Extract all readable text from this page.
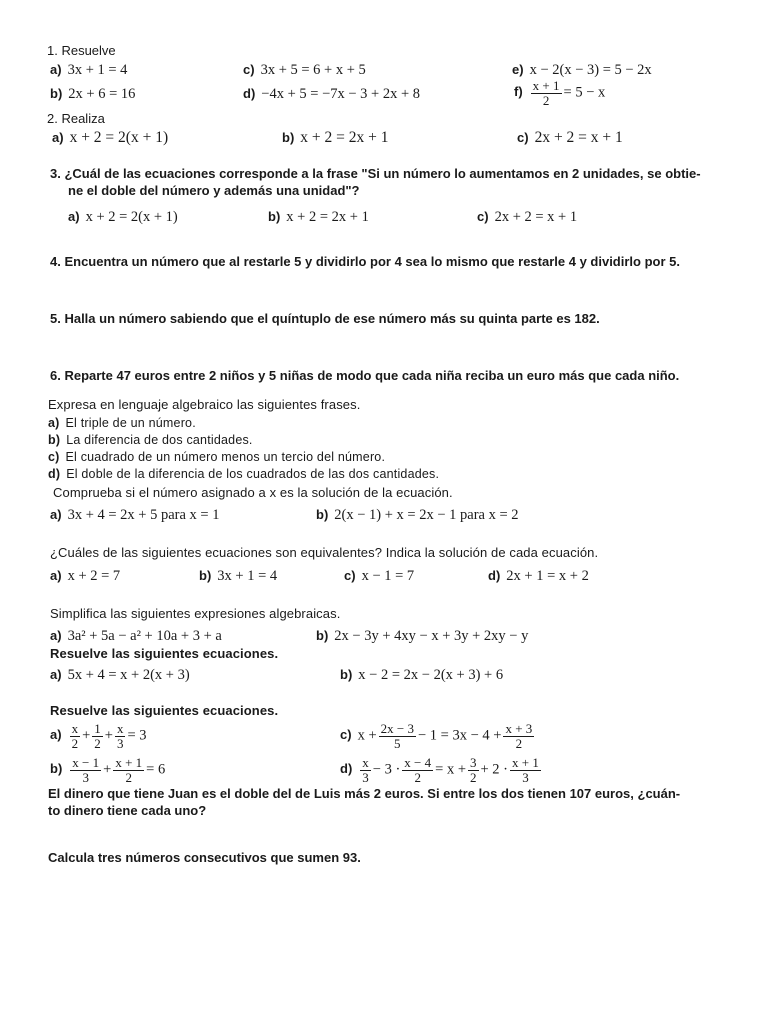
1. Resuelve
a) 3x + 1 = 4
b) 2x + 6 = 16
c) 3x + 5 = 6 + x + 5
d) −4x + 5 = −7x − 3 + 2x + 8
e) x − 2(x − 3) = 5 − 2x
$f) \frac{x + 1}{2} = 5 - x$
2. Realiza
a) x + 2 = 2(x + 1)	b) x + 2 = 2x + 1	c) 2x + 2 = x + 1
3. ¿Cuál de las ecuaciones corresponde a la frase "Si un número lo aumentamos en 2 unidades, se obtie-
ne el doble del número y además una unidad"?
a) x + 2 = 2(x + 1)	b) x + 2 = 2x + 1	c) 2x + 2 = x + 1
4. Encuentra un número que al restarle 5 y dividirlo por 4 sea lo mismo que restarle 4 y dividirlo por 5.
5. Halla un número sabiendo que el quíntuplo de ese número más su quinta parte es 182.
6. Reparte 47 euros entre 2 niños y 5 niñas de modo que cada niña reciba un euro más que cada niño.
Expresa en lenguaje algebraico las siguientes frases.
a) El triple de un número.
b) La diferencia de dos cantidades.
c) El cuadrado de un número menos un tercio del número.
d) El doble de la diferencia de los cuadrados de las dos cantidades.
Comprueba si el número asignado a x es la solución de la ecuación.
a) 3x + 4 = 2x + 5 para x = 1	b) 2(x − 1) + x = 2x − 1 para x = 2
¿Cuáles de las siguientes ecuaciones son equivalentes? Indica la solución de cada ecuación.
a) x + 2 = 7	b) 3x + 1 = 4	c) x − 1 = 7	d) 2x + 1 = x + 2
Simplifica las siguientes expresiones algebraicas.
a) 3a² + 5a − a² + 10a + 3 + a	b) 2x − 3y + 4xy − x + 3y + 2xy − y
Resuelve las siguientes ecuaciones.
a) 5x + 4 = x + 2(x + 3)	b) x − 2 = 2x − 2(x + 3) + 6
Resuelve las siguientes ecuaciones.
$a) \frac{x}{2} + \frac{1}{2} + \frac{x}{3} = 3$	c) $x + \frac{2x - 3}{5} - 1 = 3x - 4 + \frac{x + 3}{2}$
$b) \frac{x - 1}{3} + \frac{x + 1}{2} = 6$	$d) \frac{x}{3} - 3 \cdot \frac{x - 4}{2} = x + \frac{3}{2} + 2 \cdot \frac{x + 1}{3}$
El dinero que tiene Juan es el doble del de Luis más 2 euros. Si entre los dos tienen 107 euros, ¿cuán-
to dinero tiene cada uno?
Calcula tres números consecutivos que sumen 93.
